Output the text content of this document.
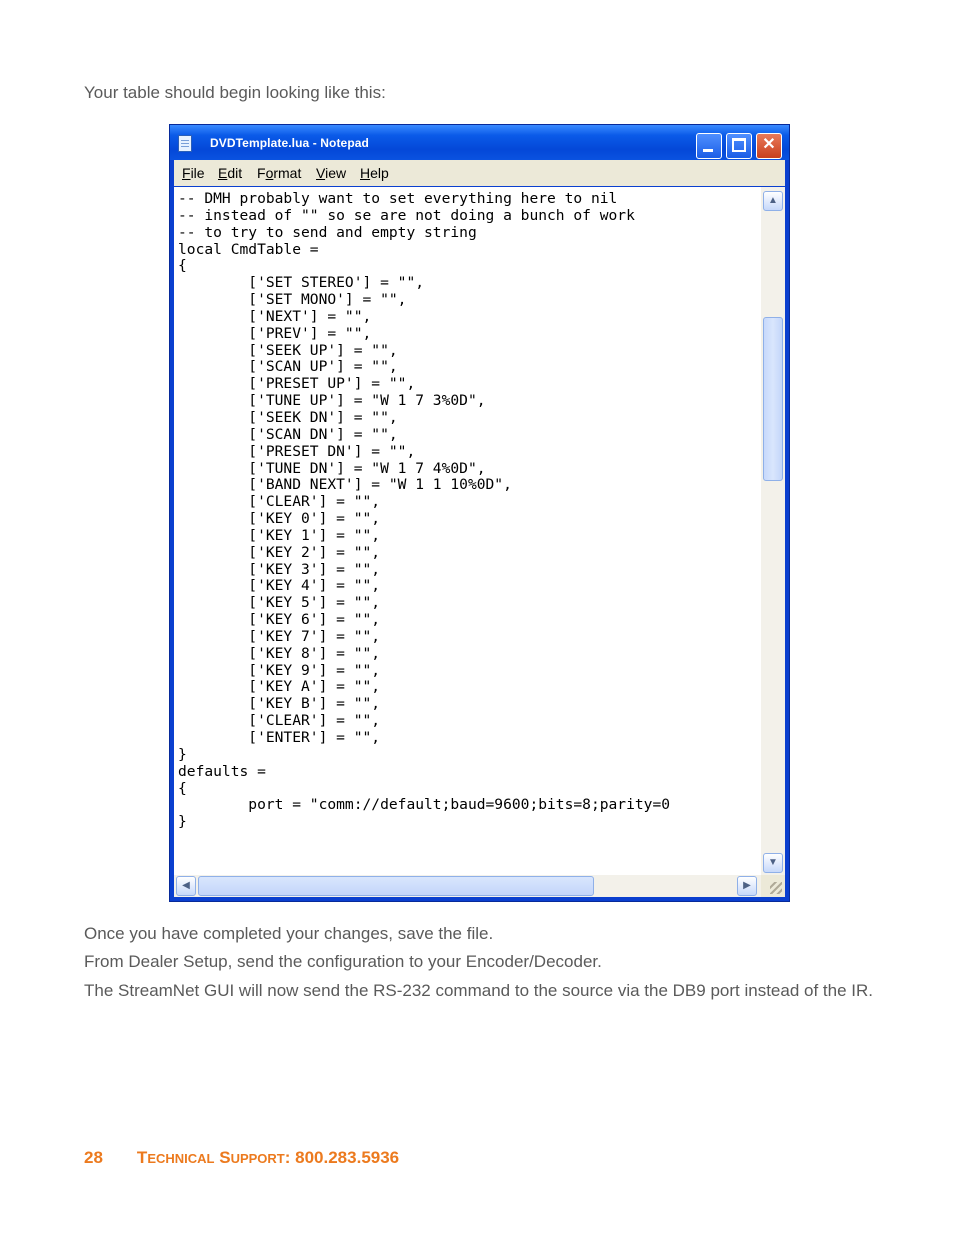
Your table should begin looking like this:

DVDTemplate.lua - Notepad	✕
File Edit Format View Help
-- DMH probably want to set everything here to nil
-- instead of "" so se are not doing a bunch of work
-- to try to send and empty string
local CmdTable =
{
['SET STEREO'] = "",
['SET MONO'] = "",
['NEXT'] = "",
['PREV'] = "",
['SEEK UP'] = "",
['SCAN UP'] = "",
['PRESET UP'] = "",
['TUNE UP'] = "W 1 7 3%0D",
['SEEK DN'] = "",
['SCAN DN'] = "",
['PRESET DN'] = "",
['TUNE DN'] = "W 1 7 4%0D",
['BAND NEXT'] = "W 1 1 10%0D",
['CLEAR'] = "",
['KEY 0'] = "",
['KEY 1'] = "",
['KEY 2'] = "",
['KEY 3'] = "",
['KEY 4'] = "",
['KEY 5'] = "",
['KEY 6'] = "",
['KEY 7'] = "",
['KEY 8'] = "",
['KEY 9'] = "",
['KEY A'] = "",
['KEY B'] = "",
['CLEAR'] = "",
['ENTER'] = "",
}
defaults =
{
port = "comm://default;baud=9600;bits=8;parity=0
}
▲
▼
◀	▶

Once you have completed your changes, save the file.

From Dealer Setup, send the configuration to your Encoder/Decoder.

The StreamNet GUI will now send the RS-232 command to the source via the DB9 port instead of the IR.

28 TECHNICAL SUPPORT: 800.283.5936
